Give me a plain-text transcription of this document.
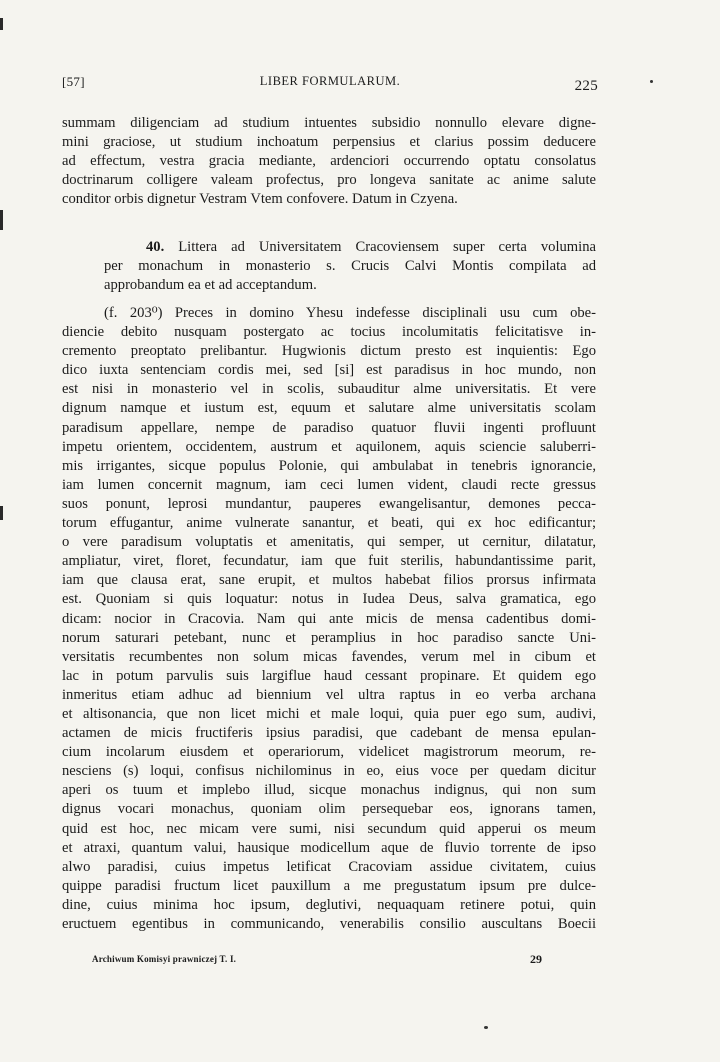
[57]	LIBER FORMULARUM.	225
summam diligenciam ad studium intuentes subsidio nonnullo elevare digne-
mini graciose, ut studium inchoatum perpensius et clarius possim deducere
ad effectum, vestra gracia mediante, ardenciori occurrendo optatu consolatus
doctrinarum colligere valeam profectus, pro longeva sanitate ac anime salute
conditor orbis dignetur Vestram Vtem confovere. Datum in Czyena.
40. Littera ad Universitatem Cracoviensem super certa volumina
per monachum in monasterio s. Crucis Calvi Montis compilata ad
approbandum ea et ad acceptandum.
(f. 203⁰) Preces in domino Yhesu indefesse disciplinali usu cum obe-
diencie debito nusquam postergato ac tocius incolumitatis felicitatisve in-
cremento preoptato prelibantur. Hugwionis dictum presto est inquientis: Ego
dico iuxta sentenciam cordis mei, sed [si] est paradisus in hoc mundo, non
est nisi in monasterio vel in scolis, subauditur alme universitatis. Et vere
dignum namque et iustum est, equum et salutare alme universitatis scolam
paradisum appellare, nempe de paradiso quatuor fluvii ingenti profluunt
impetu orientem, occidentem, austrum et aquilonem, aquis sciencie saluberri-
mis irrigantes, sicque populus Polonie, qui ambulabat in tenebris ignorancie,
iam lumen concernit magnum, iam ceci lumen vident, claudi recte gressus
suos ponunt, leprosi mundantur, pauperes ewangelisantur, demones pecca-
torum effugantur, anime vulnerate sanantur, et beati, qui ex hoc edificantur;
o vere paradisum voluptatis et amenitatis, qui semper, ut cernitur, dilatatur,
ampliatur, viret, floret, fecundatur, iam que fuit sterilis, habundantissime parit,
iam que clausa erat, sane erupit, et multos habebat filios prorsus infirmata
est. Quoniam si quis loquatur: notus in Iudea Deus, salva gramatica, ego
dicam: nocior in Cracovia. Nam qui ante micis de mensa cadentibus domi-
norum saturari petebant, nunc et peramplius in hoc paradiso sancte Uni-
versitatis recumbentes non solum micas favendes, verum mel in cibum et
lac in potum parvulis suis largiflue haud cessant propinare. Et quidem ego
inmeritus etiam adhuc ad biennium vel ultra raptus in eo verba archana
et altisonancia, que non licet michi et male loqui, quia puer ego sum, audivi,
actamen de micis fructiferis ipsius paradisi, que cadebant de mensa epulan-
cium incolarum eiusdem et operariorum, videlicet magistrorum meorum, re-
nesciens (s) loqui, confisus nichilominus in eo, eius voce per quedam dicitur
aperi os tuum et implebo illud, sicque monachus indignus, qui non sum
dignus vocari monachus, quoniam olim persequebar eos, ignorans tamen,
quid est hoc, nec micam vere sumi, nisi secundum quid apperui os meum
et atraxi, quantum valui, hausique modicellum aque de fluvio torrente de ipso
alwo paradisi, cuius impetus letificat Cracoviam assidue civitatem, cuius
quippe paradisi fructum licet pauxillum a me pregustatum ipsum pre dulce-
dine, cuius minima hoc ipsum, deglutivi, nequaquam retinere potui, quin
eructuem egentibus in communicando, venerabilis consilio auscultans Boecii
Archiwum Komisyi prawniczej T. I.	29
